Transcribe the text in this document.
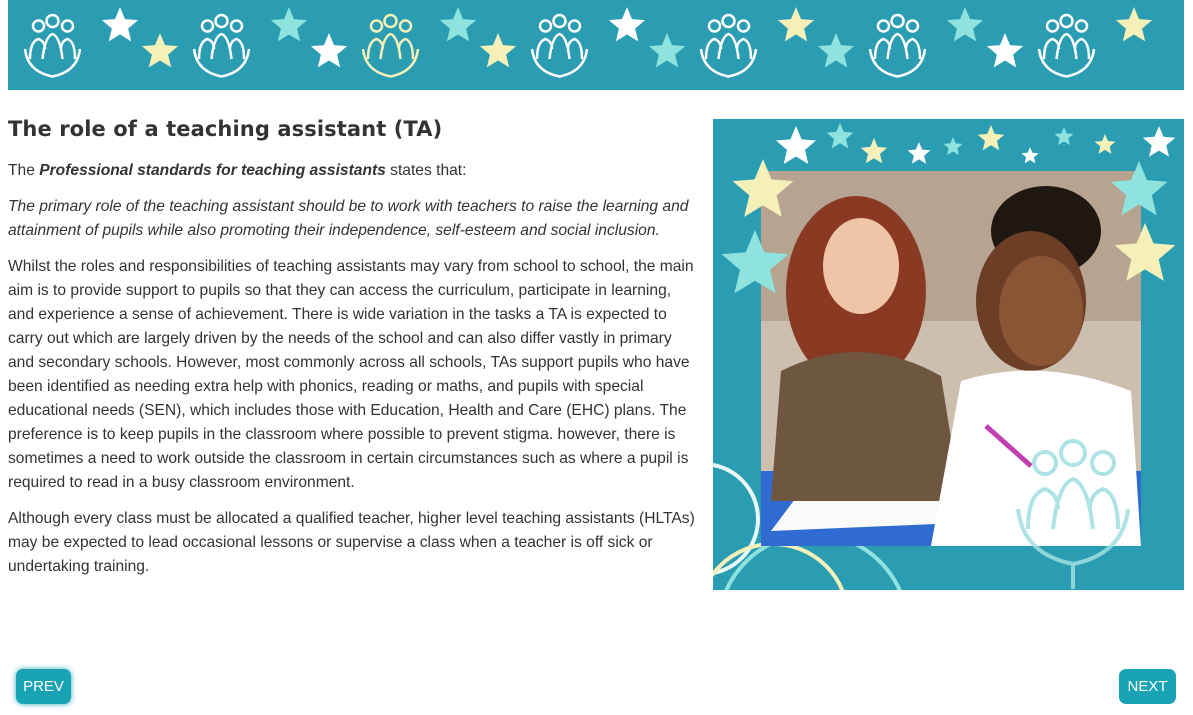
The role of a teaching assistant (TA)

The Professional standards for teaching assistants states that:

The primary role of the teaching assistant should be to work with teachers to raise the learning and attainment of pupils while also promoting their independence, self-esteem and social inclusion.

Whilst the roles and responsibilities of teaching assistants may vary from school to school, the main aim is to provide support to pupils so that they can access the curriculum, participate in learning, and experience a sense of achievement. There is wide variation in the tasks a TA is expected to carry out which are largely driven by the needs of the school and can also differ vastly in primary and secondary schools. However, most commonly across all schools, TAs support pupils who have been identified as needing extra help with phonics, reading or maths, and pupils with special educational needs (SEN), which includes those with Education, Health and Care (EHC) plans. The preference is to keep pupils in the classroom where possible to prevent stigma. however, there is sometimes a need to work outside the classroom in certain circumstances such as where a pupil is required to read in a busy classroom environment.

Although every class must be allocated a qualified teacher, higher level teaching assistants (HLTAs) may be expected to lead occasional lessons or supervise a class when a teacher is off sick or undertaking training.

PREV	NEXT
